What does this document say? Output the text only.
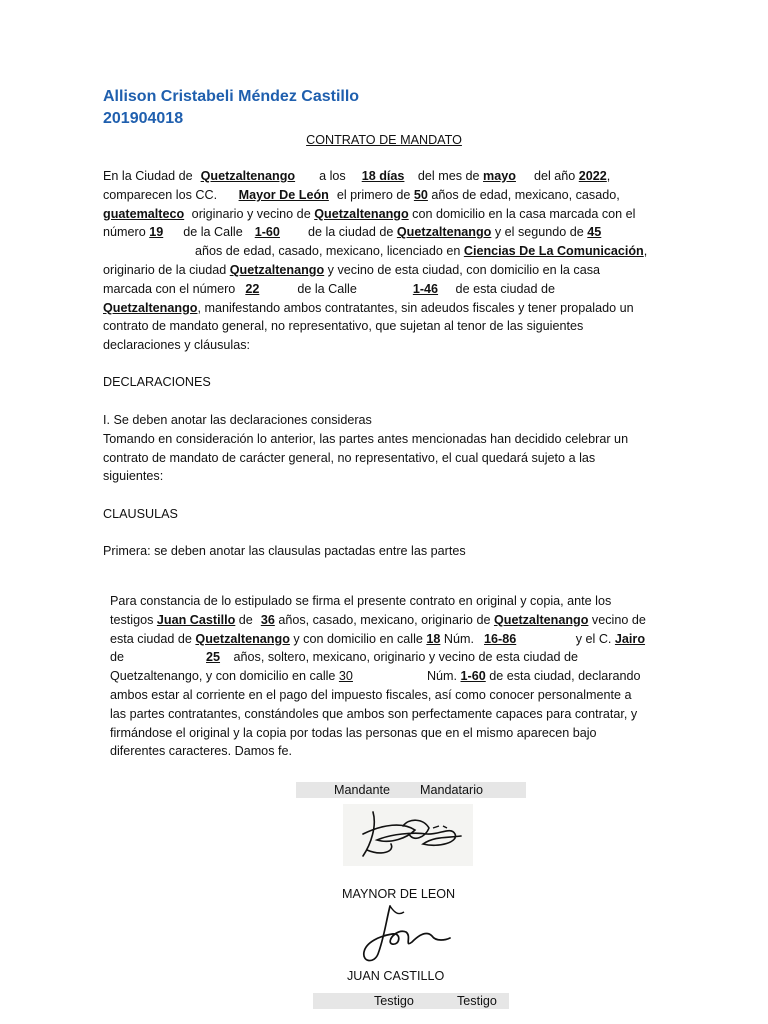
Allison Cristabeli Méndez Castillo
201904018
CONTRATO DE MANDATO
En la Ciudad de Quetzaltenango a los 18 días del mes de mayo del año 2022,
comparecen los CC. Mayor De León el primero de 50 años de edad, mexicano, casado,
guatemalteco originario y vecino de Quetzaltenango con domicilio en la casa marcada con el
número 19 de la Calle 1-60 de la ciudad de Quetzaltenango y el segundo de 45
años de edad, casado, mexicano, licenciado en Ciencias De La Comunicación,
originario de la ciudad Quetzaltenango y vecino de esta ciudad, con domicilio en la casa
marcada con el número 22	de la Calle	1-46 de esta ciudad de
Quetzaltenango, manifestando ambos contratantes, sin adeudos fiscales y tener propalado un
contrato de mandato general, no representativo, que sujetan al tenor de las siguientes
declaraciones y cláusulas:
DECLARACIONES
I. Se deben anotar las declaraciones consideras
Tomando en consideración lo anterior, las partes antes mencionadas han decidido celebrar un
contrato de mandato de carácter general, no representativo, el cual quedará sujeto a las
siguientes:
CLAUSULAS
Primera: se deben anotar las clausulas pactadas entre las partes
Para constancia de lo estipulado se firma el presente contrato en original y copia, ante los
testigos Juan Castillo de 36 años, casado, mexicano, originario de Quetzaltenango vecino de
esta ciudad de Quetzaltenango y con domicilio en calle 18 Núm. 16-86	y el C. Jairo
de	25 años, soltero, mexicano, originario y vecino de esta ciudad de
Quetzaltenango, y con domicilio en calle 30	Núm. 1-60 de esta ciudad, declarando
ambos estar al corriente en el pago del impuesto fiscales, así como conocer personalmente a
las partes contratantes, constándoles que ambos son perfectamente capaces para contratar, y
firmándose el original y la copia por todas las personas que en el mismo aparecen bajo
diferentes caracteres. Damos fe.
Mandante	Mandatario
MAYNOR DE LEON
JUAN CASTILLO
Testigo	Testigo
